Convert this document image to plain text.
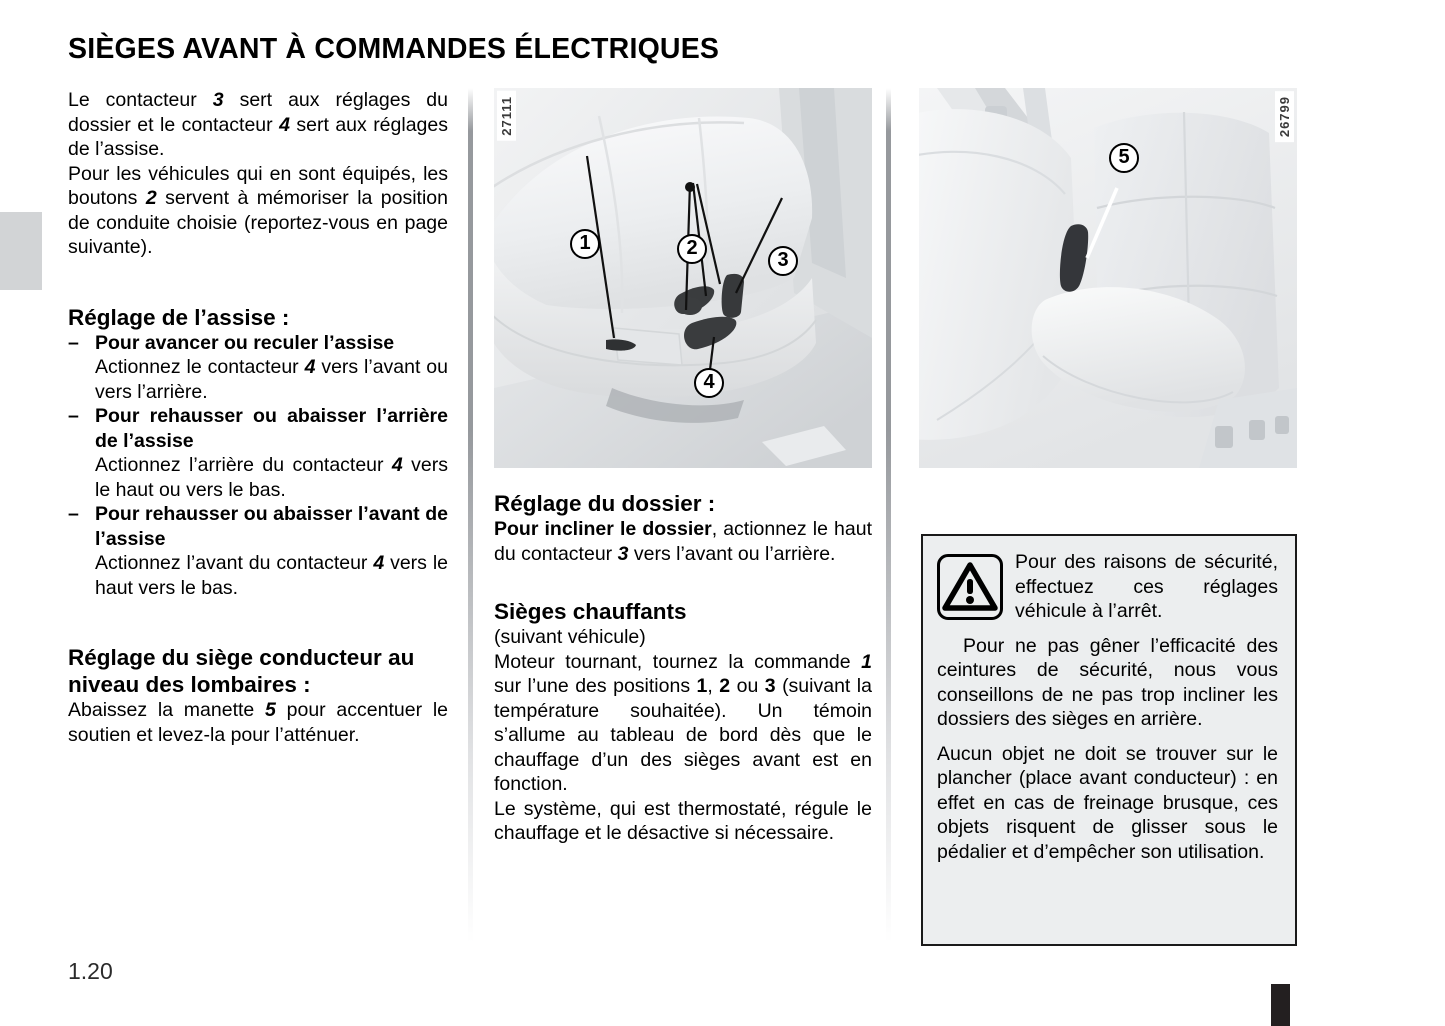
SIÈGES AVANT À COMMANDES ÉLECTRIQUES

Le contacteur 3 sert aux réglages du dossier et le contacteur 4 sert aux réglages de l’assise.

Pour les véhicules qui en sont équipés, les boutons 2 servent à mémoriser la position de conduite choisie (reportez-vous en page suivante).

Réglage de l’assise :
– Pour avancer ou reculer l’assise
Actionnez le contacteur 4 vers l’avant ou vers l’arrière.
– Pour rehausser ou abaisser l’arrière de l’assise
Actionnez l’arrière du contacteur 4 vers le haut ou vers le bas.
– Pour rehausser ou abaisser l’avant de l’assise
Actionnez l’avant du contacteur 4 vers le haut vers le bas.
Réglage du siège conducteur au niveau des lombaires :

Abaissez la manette 5 pour accentuer le soutien et levez-la pour l’atténuer.

27111
1	2
3
4
Réglage du dossier :

Pour incliner le dossier, actionnez le haut du contacteur 3 vers l’avant ou l’arrière.

Sièges chauffants

(suivant véhicule)

Moteur tournant, tournez la commande 1 sur l’une des positions 1, 2 ou 3 (suivant la température souhaitée). Un témoin s’allume au tableau de bord dès que le chauffage d’un des sièges avant est en fonction.

Le système, qui est thermostaté, régule le chauffage et le désactive si nécessaire.

26799
5

Pour des raisons de sécurité, effectuez ces réglages véhicule à l’arrêt.

Pour ne pas gêner l’efficacité des ceintures de sécurité, nous vous conseillons de ne pas trop incliner les dossiers des sièges en arrière.

Aucun objet ne doit se trouver sur le plancher (place avant conducteur) : en effet en cas de freinage brusque, ces objets risquent de glisser sous le pédalier et d’empêcher son utilisation.

1.20
